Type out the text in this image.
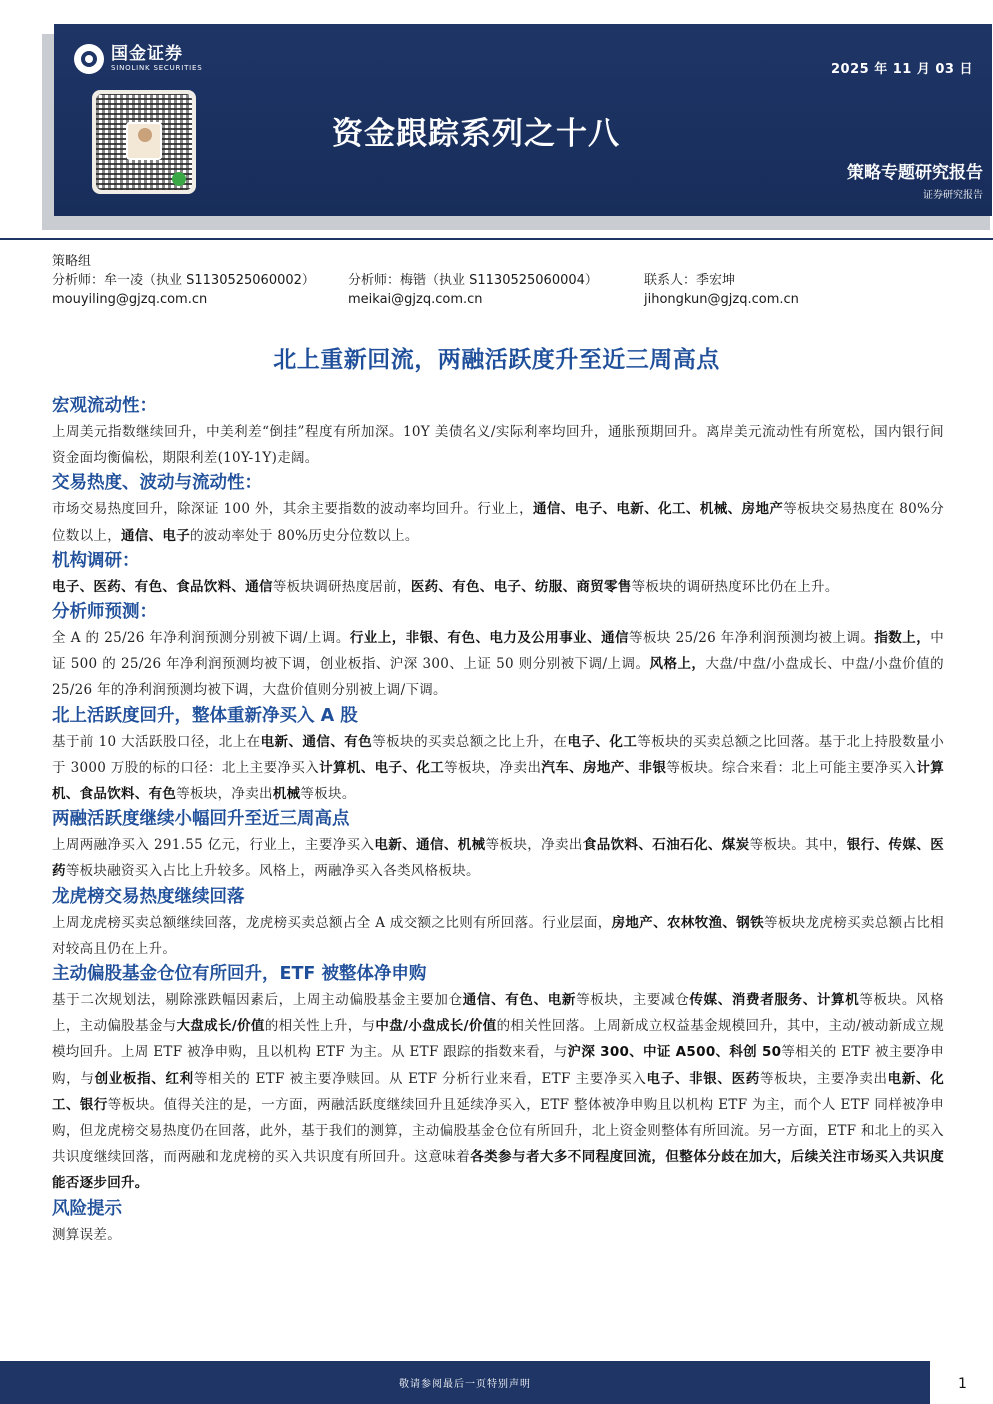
国金证券
SINOLINK SECURITIES	2025 年 11 月 03 日
资金跟踪系列之十八
策略专题研究报告
证券研究报告
策略组
分析师：牟一凌（执业 S1130525060002）	分析师：梅锴（执业 S1130525060004）	联系人：季宏坤
mouyiling@gjzq.com.cn	meikai@gjzq.com.cn	jihongkun@gjzq.com.cn
北上重新回流，两融活跃度升至近三周高点
宏观流动性：

上周美元指数继续回升，中美利差“倒挂”程度有所加深。10Y 美债名义/实际利率均回升，通胀预期回升。离岸美元流动性有所宽松，国内银行间资金面均衡偏松，期限利差(10Y-1Y)走阔。

交易热度、波动与流动性：

市场交易热度回升，除深证 100 外，其余主要指数的波动率均回升。行业上，通信、电子、电新、化工、机械、房地产等板块交易热度在 80%分位数以上，通信、电子的波动率处于 80%历史分位数以上。

机构调研：

电子、医药、有色、食品饮料、通信等板块调研热度居前，医药、有色、电子、纺服、商贸零售等板块的调研热度环比仍在上升。

分析师预测：

全 A 的 25/26 年净利润预测分别被下调/上调。行业上，非银、有色、电力及公用事业、通信等板块 25/26 年净利润预测均被上调。指数上，中证 500 的 25/26 年净利润预测均被下调，创业板指、沪深 300、上证 50 则分别被下调/上调。风格上，大盘/中盘/小盘成长、中盘/小盘价值的 25/26 年的净利润预测均被下调，大盘价值则分别被上调/下调。

北上活跃度回升，整体重新净买入 A 股

基于前 10 大活跃股口径，北上在电新、通信、有色等板块的买卖总额之比上升，在电子、化工等板块的买卖总额之比回落。基于北上持股数量小于 3000 万股的标的口径：北上主要净买入计算机、电子、化工等板块，净卖出汽车、房地产、非银等板块。综合来看：北上可能主要净买入计算机、食品饮料、有色等板块，净卖出机械等板块。

两融活跃度继续小幅回升至近三周高点

上周两融净买入 291.55 亿元，行业上，主要净买入电新、通信、机械等板块，净卖出食品饮料、石油石化、煤炭等板块。其中，银行、传媒、医药等板块融资买入占比上升较多。风格上，两融净买入各类风格板块。

龙虎榜交易热度继续回落

上周龙虎榜买卖总额继续回落，龙虎榜买卖总额占全 A 成交额之比则有所回落。行业层面，房地产、农林牧渔、钢铁等板块龙虎榜买卖总额占比相对较高且仍在上升。

主动偏股基金仓位有所回升，ETF 被整体净申购

基于二次规划法，剔除涨跌幅因素后，上周主动偏股基金主要加仓通信、有色、电新等板块，主要减仓传媒、消费者服务、计算机等板块。风格上，主动偏股基金与大盘成长/价值的相关性上升，与中盘/小盘成长/价值的相关性回落。上周新成立权益基金规模回升，其中，主动/被动新成立规模均回升。上周 ETF 被净申购，且以机构 ETF 为主。从 ETF 跟踪的指数来看，与沪深 300、中证 A500、科创 50等相关的 ETF 被主要净申购，与创业板指、红利等相关的 ETF 被主要净赎回。从 ETF 分析行业来看，ETF 主要净买入电子、非银、医药等板块，主要净卖出电新、化工、银行等板块。值得关注的是，一方面，两融活跃度继续回升且延续净买入，ETF 整体被净申购且以机构 ETF 为主，而个人 ETF 同样被净申购，但龙虎榜交易热度仍在回落，此外，基于我们的测算，主动偏股基金仓位有所回升，北上资金则整体有所回流。另一方面，ETF 和北上的买入共识度继续回落，而两融和龙虎榜的买入共识度有所回升。这意味着各类参与者大多不同程度回流，但整体分歧在加大，后续关注市场买入共识度能否逐步回升。

风险提示

测算误差。

敬请参阅最后一页特别声明	1
